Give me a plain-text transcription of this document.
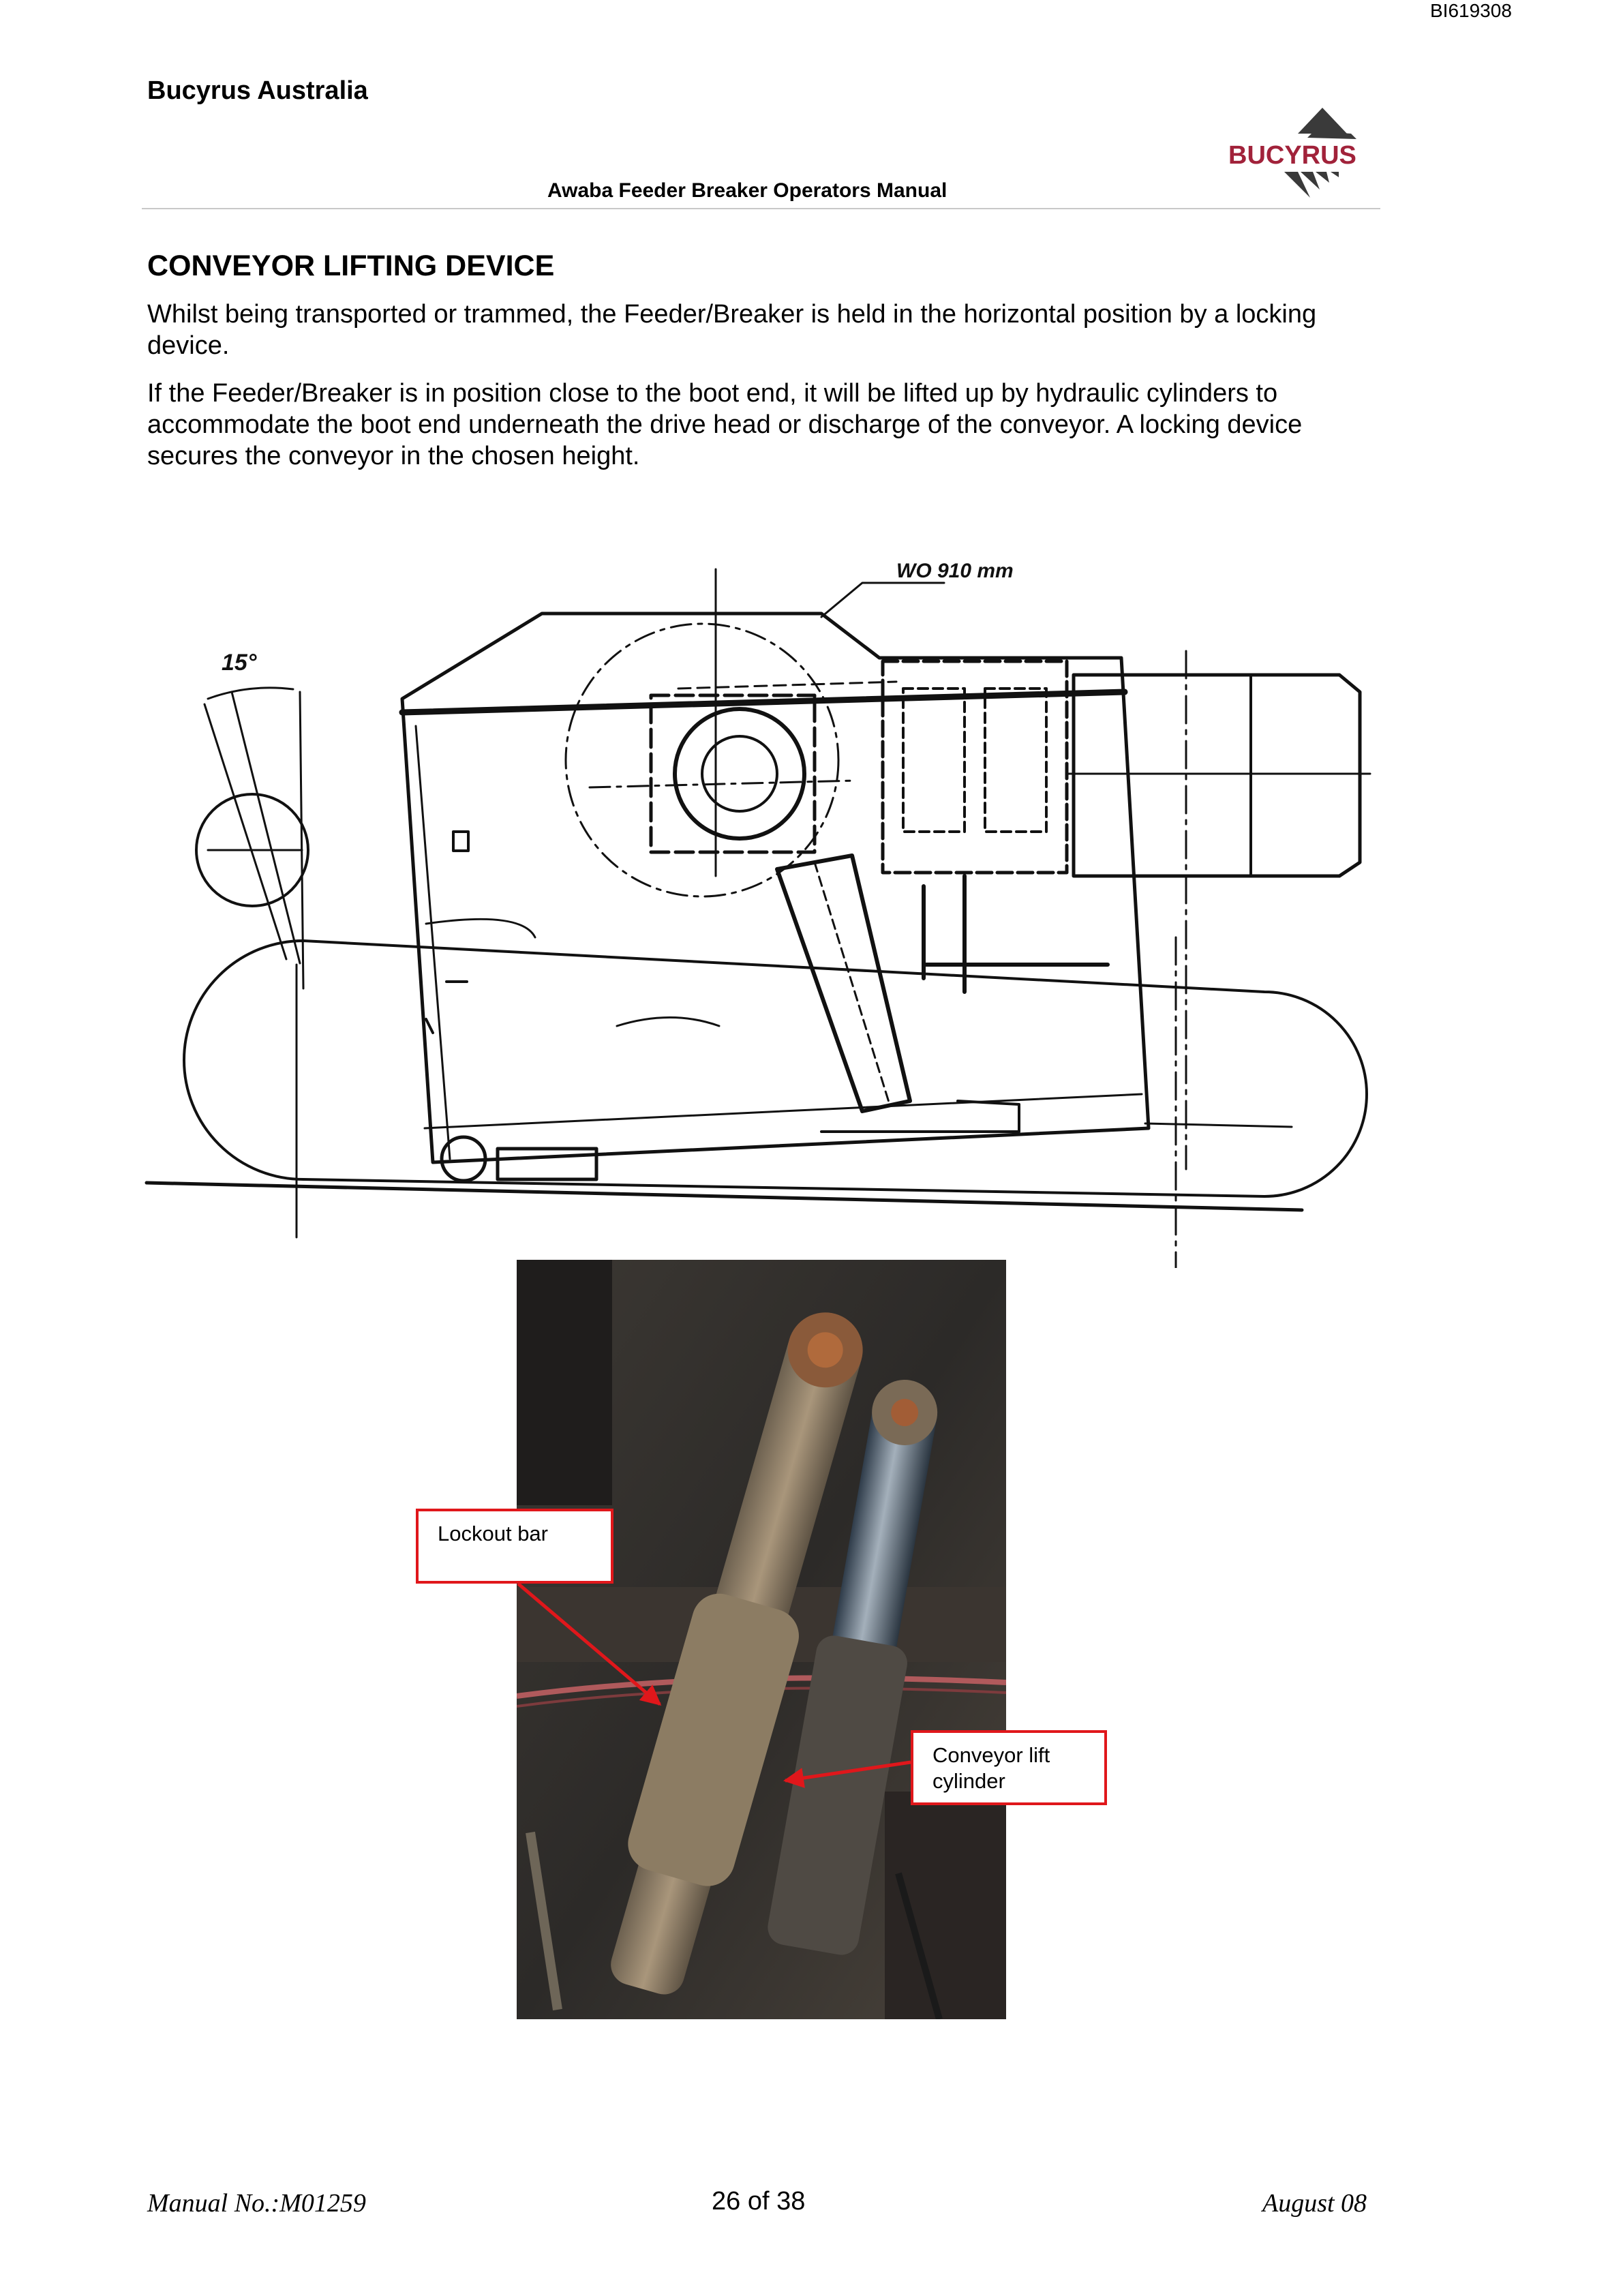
BI619308
Bucyrus Australia
Awaba Feeder Breaker Operators Manual
BUCYRUS
CONVEYOR LIFTING DEVICE

Whilst being transported or trammed, the Feeder/Breaker is held in the horizontal position by a locking device.

If the Feeder/Breaker is in position close to the boot end, it will be lifted up by hydraulic cylinders to accommodate the boot end underneath the drive head or discharge of the conveyor. A locking device secures the conveyor in the chosen height.

15°
WO 910 mm
Lockout bar
Conveyor lift cylinder
Manual No.:M01259	26 of 38	August 08
